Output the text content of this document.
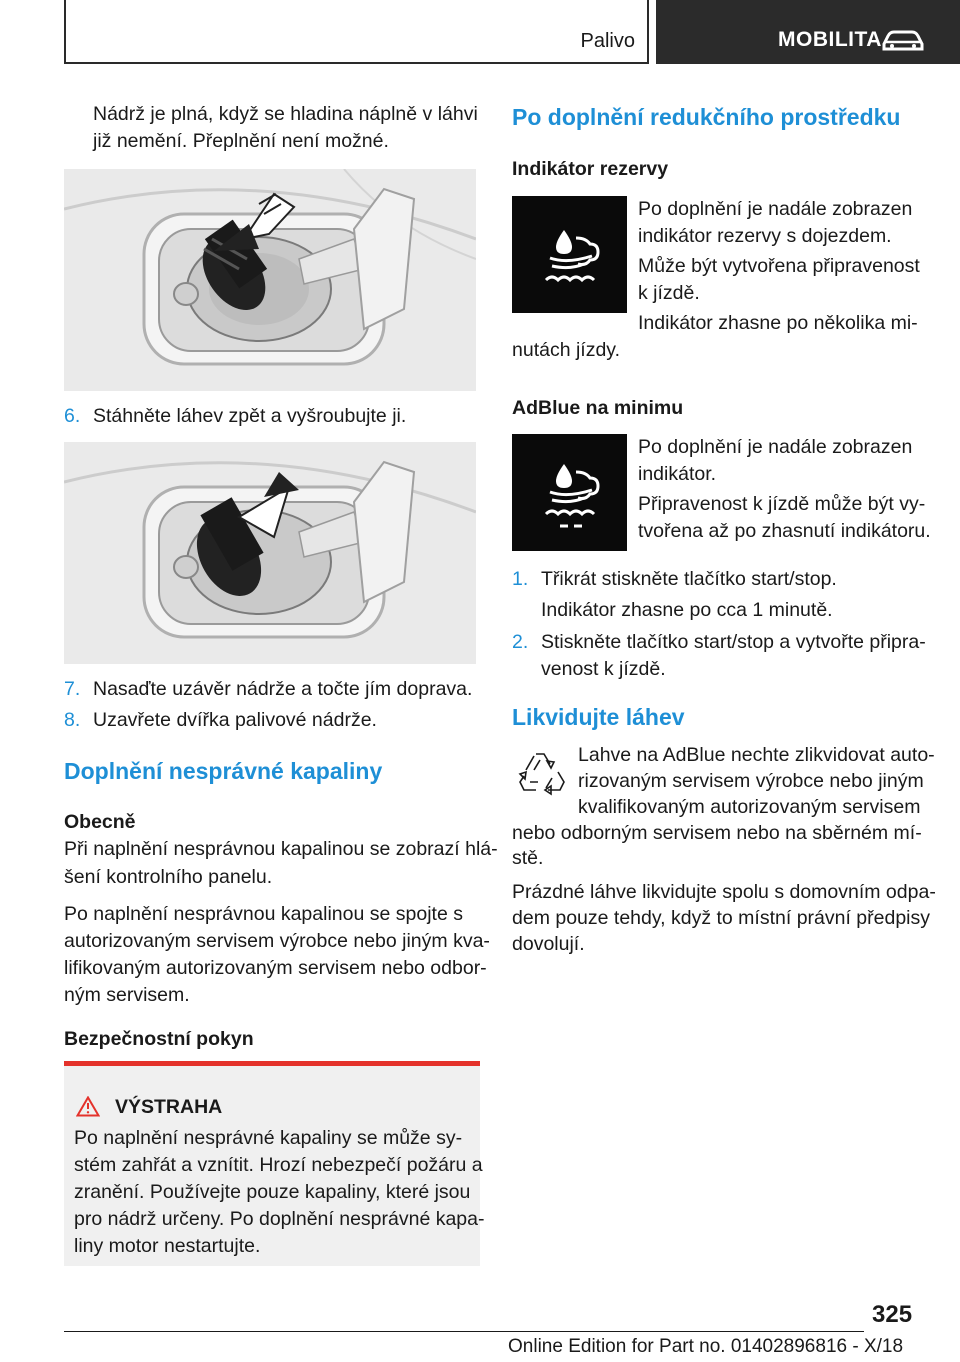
Palivo	MOBILITA

Nádrž je plná, když se hladina náplně v láhvi

již nemění. Přeplnění není možné.

6. Stáhněte láhev zpět a vyšroubujte ji.
7. Nasaďte uzávěr nádrže a točte jím doprava.
8. Uzavřete dvířka palivové nádrže.
Doplnění nesprávné kapaliny
Obecně

Při naplnění nesprávnou kapalinou se zobrazí hlá-

šení kontrolního panelu.

Po naplnění nesprávnou kapalinou se spojte s

autorizovaným servisem výrobce nebo jiným kva-

lifikovaným autorizovaným servisem nebo odbor-

ným servisem.

Bezpečnostní pokyn
VÝSTRAHA

Po naplnění nesprávné kapaliny se může sy-

stém zahřát a vznítit. Hrozí nebezpečí požáru a

zranění. Používejte pouze kapaliny, které jsou

pro nádrž určeny. Po doplnění nesprávné kapa-

liny motor nestartujte.

Po doplnění redukčního prostředku
Indikátor rezervy

Po doplnění je nadále zobrazen

indikátor rezervy s dojezdem.

Může být vytvořena připravenost

k jízdě.

Indikátor zhasne po několika mi-

nutách jízdy.

AdBlue na minimu

Po doplnění je nadále zobrazen

indikátor.

Připravenost k jízdě může být vy-

tvořena až po zhasnutí indikátoru.

1. Třikrát stiskněte tlačítko start/stop.
Indikátor zhasne po cca 1 minutě.
2. Stiskněte tlačítko start/stop a vytvořte připra-
venost k jízdě.
Likvidujte láhev

Lahve na AdBlue nechte zlikvidovat auto-

rizovaným servisem výrobce nebo jiným

kvalifikovaným autorizovaným servisem

nebo odborným servisem nebo na sběrném mí-

stě.

Prázdné láhve likvidujte spolu s domovním odpa-

dem pouze tehdy, když to místní právní předpisy

dovolují.

325
Online Edition for Part no. 01402896816 - X/18
